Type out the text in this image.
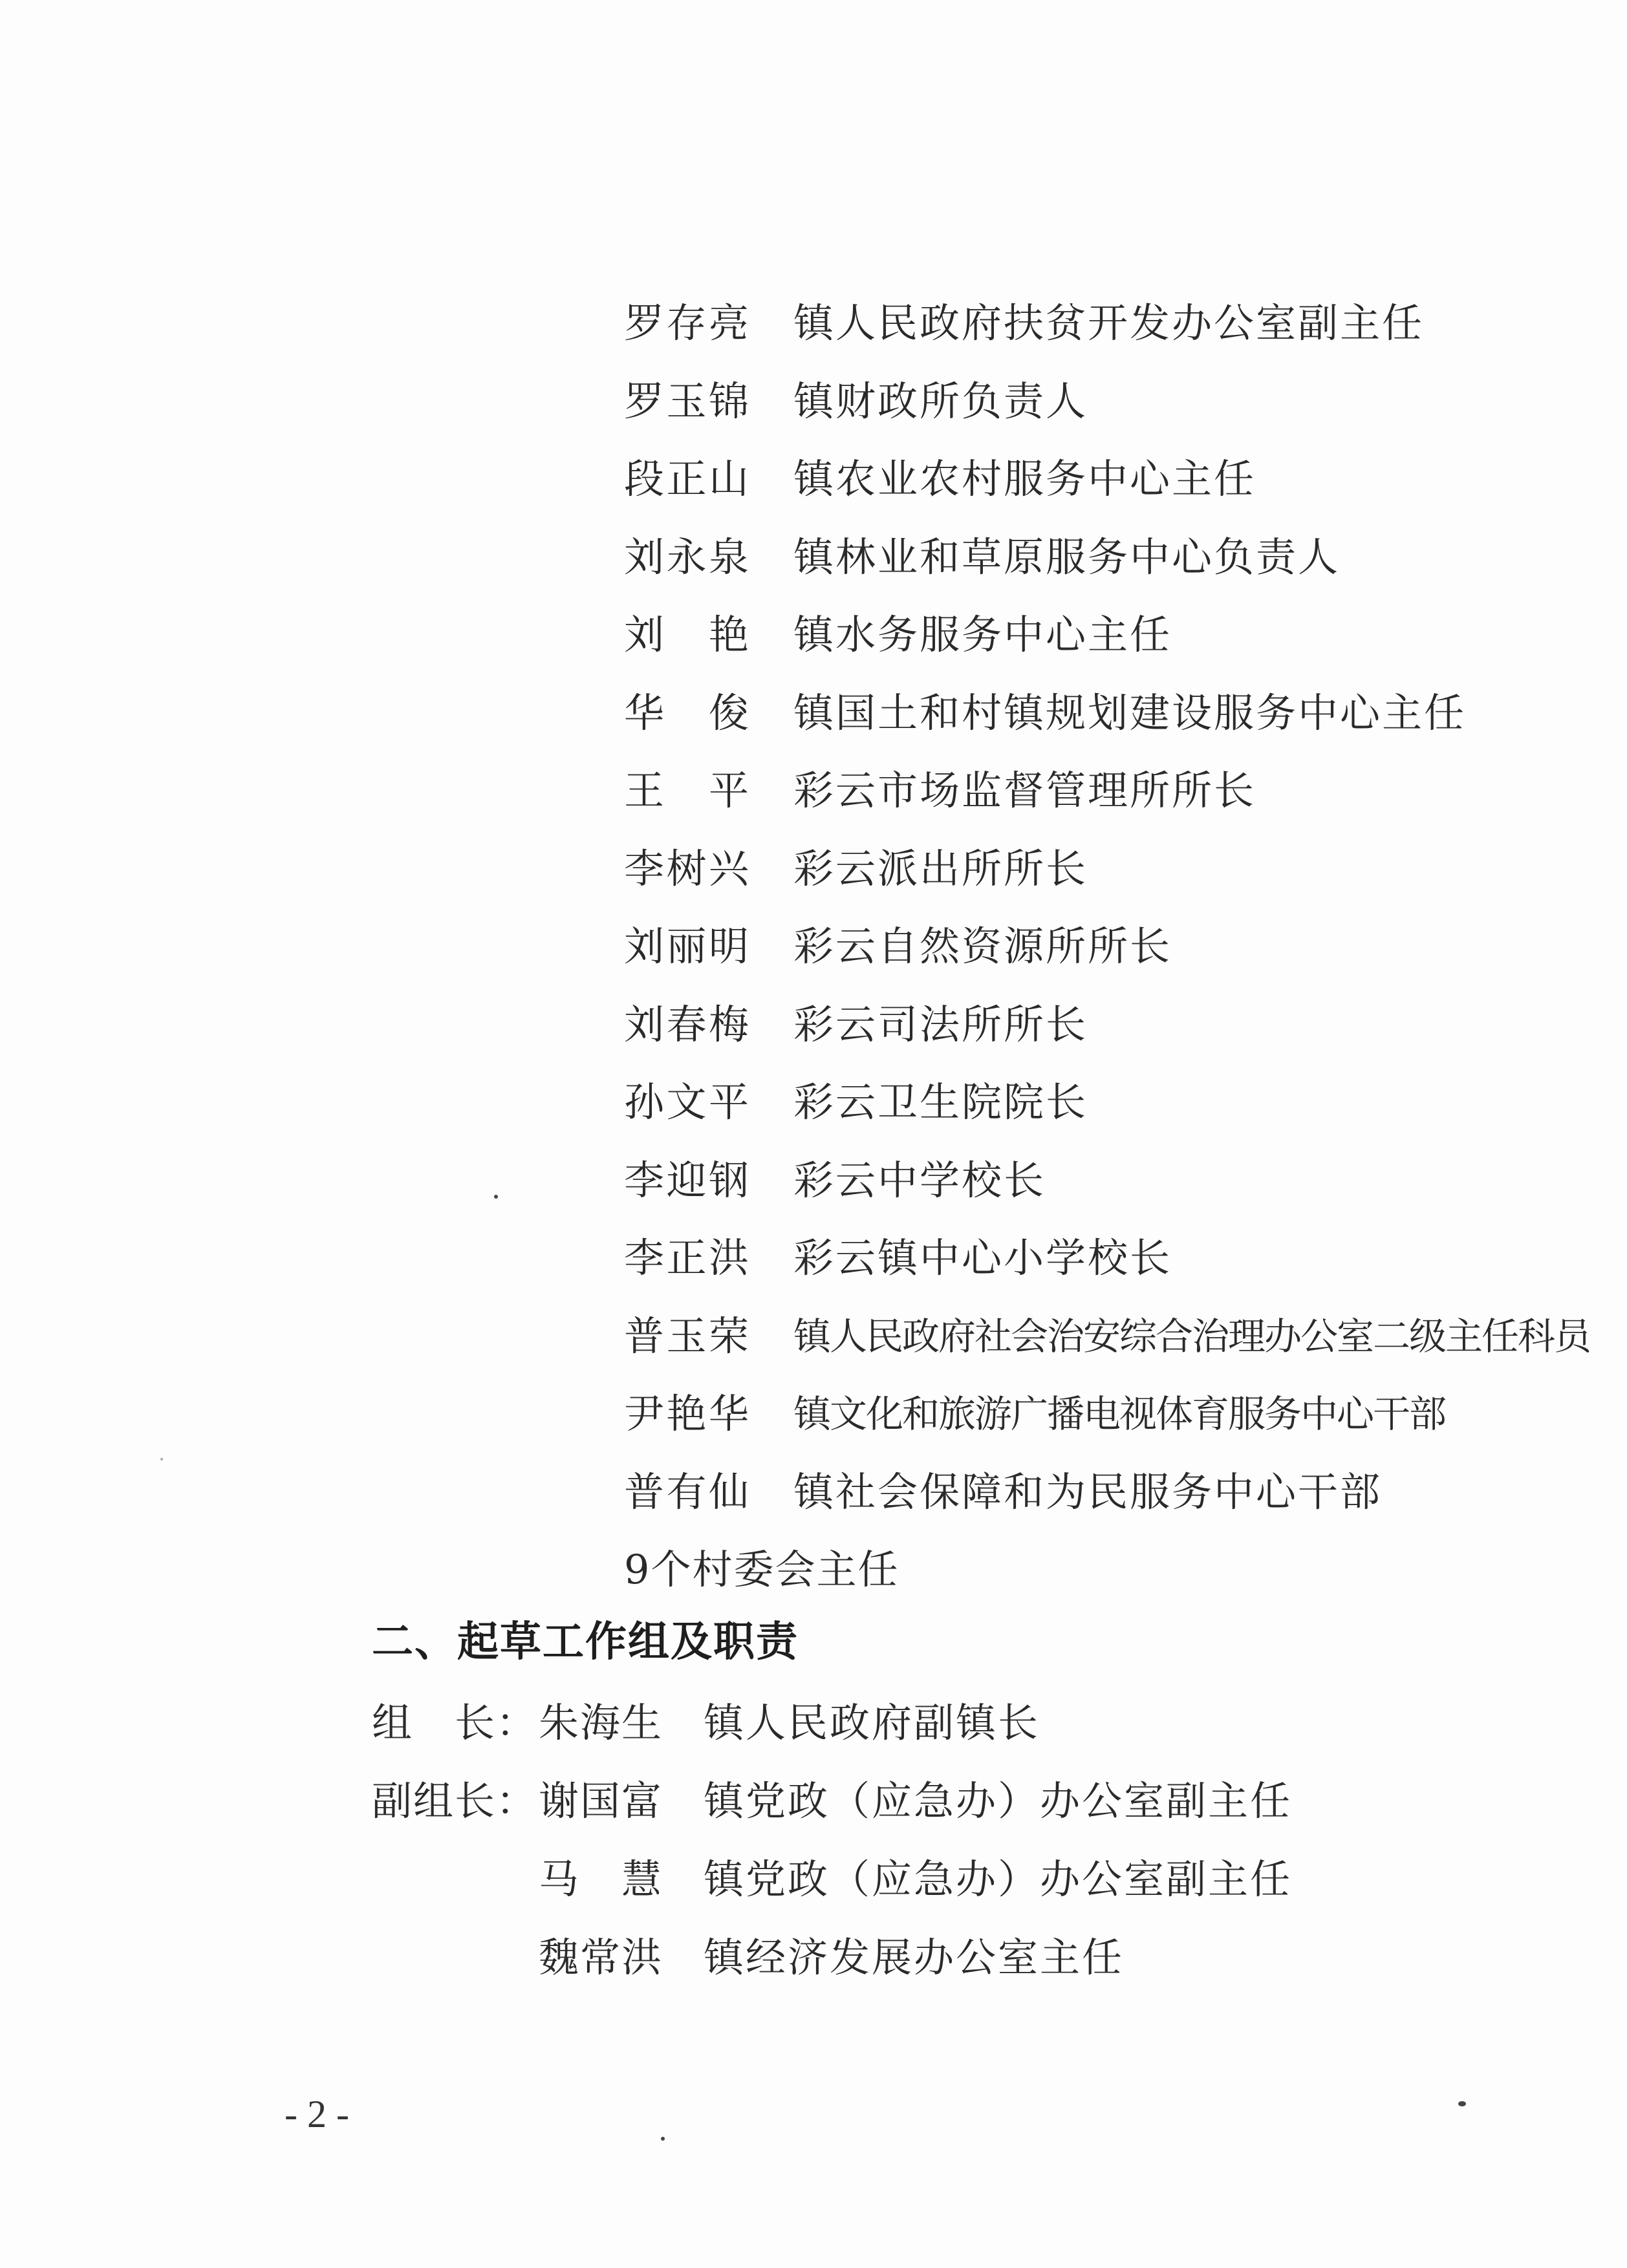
罗存亮 镇人民政府扶贫开发办公室副主任
罗玉锦 镇财政所负责人
段正山 镇农业农村服务中心主任
刘永泉 镇林业和草原服务中心负责人
刘　艳 镇水务服务中心主任
华　俊 镇国土和村镇规划建设服务中心主任
王　平 彩云市场监督管理所所长
李树兴 彩云派出所所长
刘丽明 彩云自然资源所所长
刘春梅 彩云司法所所长
孙文平 彩云卫生院院长
李迎钢 彩云中学校长
李正洪 彩云镇中心小学校长
普玉荣 镇人民政府社会治安综合治理办公室二级主任科员
尹艳华 镇文化和旅游广播电视体育服务中心干部
普有仙 镇社会保障和为民服务中心干部
9个村委会主任
二、起草工作组及职责
组　长： 朱海生 镇人民政府副镇长
副组长： 谢国富 镇党政（应急办）办公室副主任
马　慧 镇党政（应急办）办公室副主任
魏常洪 镇经济发展办公室主任
- 2 -
